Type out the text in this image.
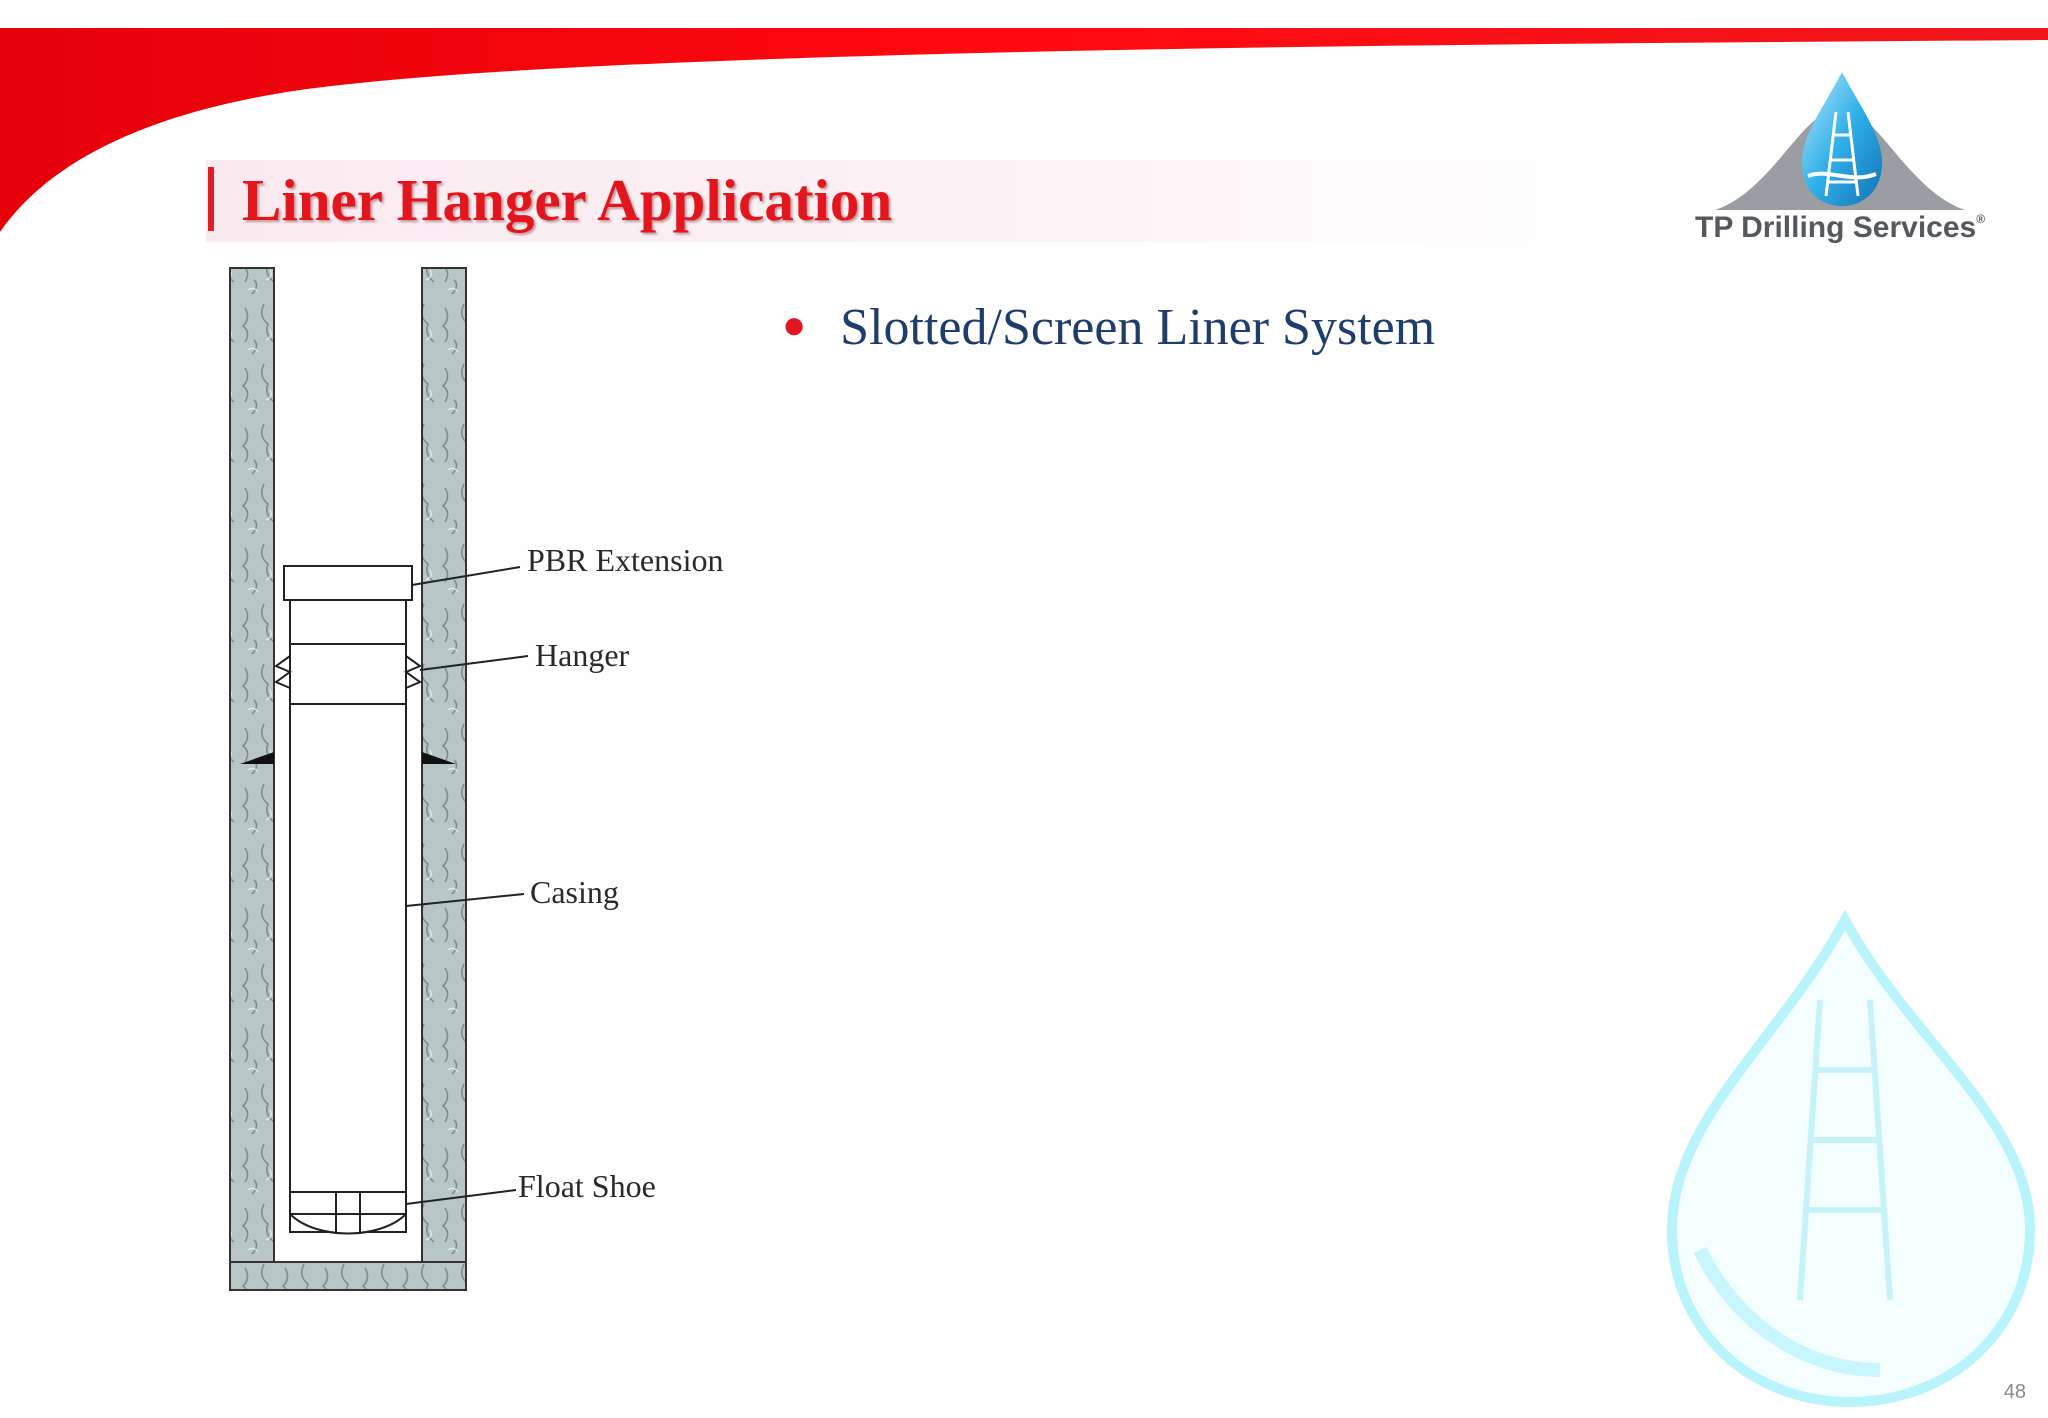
Liner Hanger Application	TP Drilling Services®
● Slotted/Screen Liner System
PBR Extension
Hanger
Casing
Float Shoe
48
